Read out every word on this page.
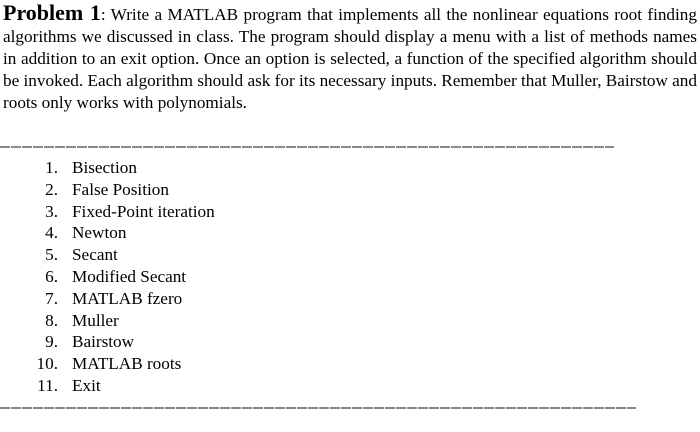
Problem 1: Write a MATLAB program that implements all the nonlinear equations root finding algorithms we discussed in class. The program should display a menu with a list of methods names in addition to an exit option. Once an option is selected, a function of the specified algorithm should be invoked. Each algorithm should ask for its necessary inputs. Remember that Muller, Bairstow and roots only works with polynomials.
1. Bisection
2. False Position
3. Fixed-Point iteration
4. Newton
5. Secant
6. Modified Secant
7. MATLAB fzero
8. Muller
9. Bairstow
10. MATLAB roots
11. Exit
